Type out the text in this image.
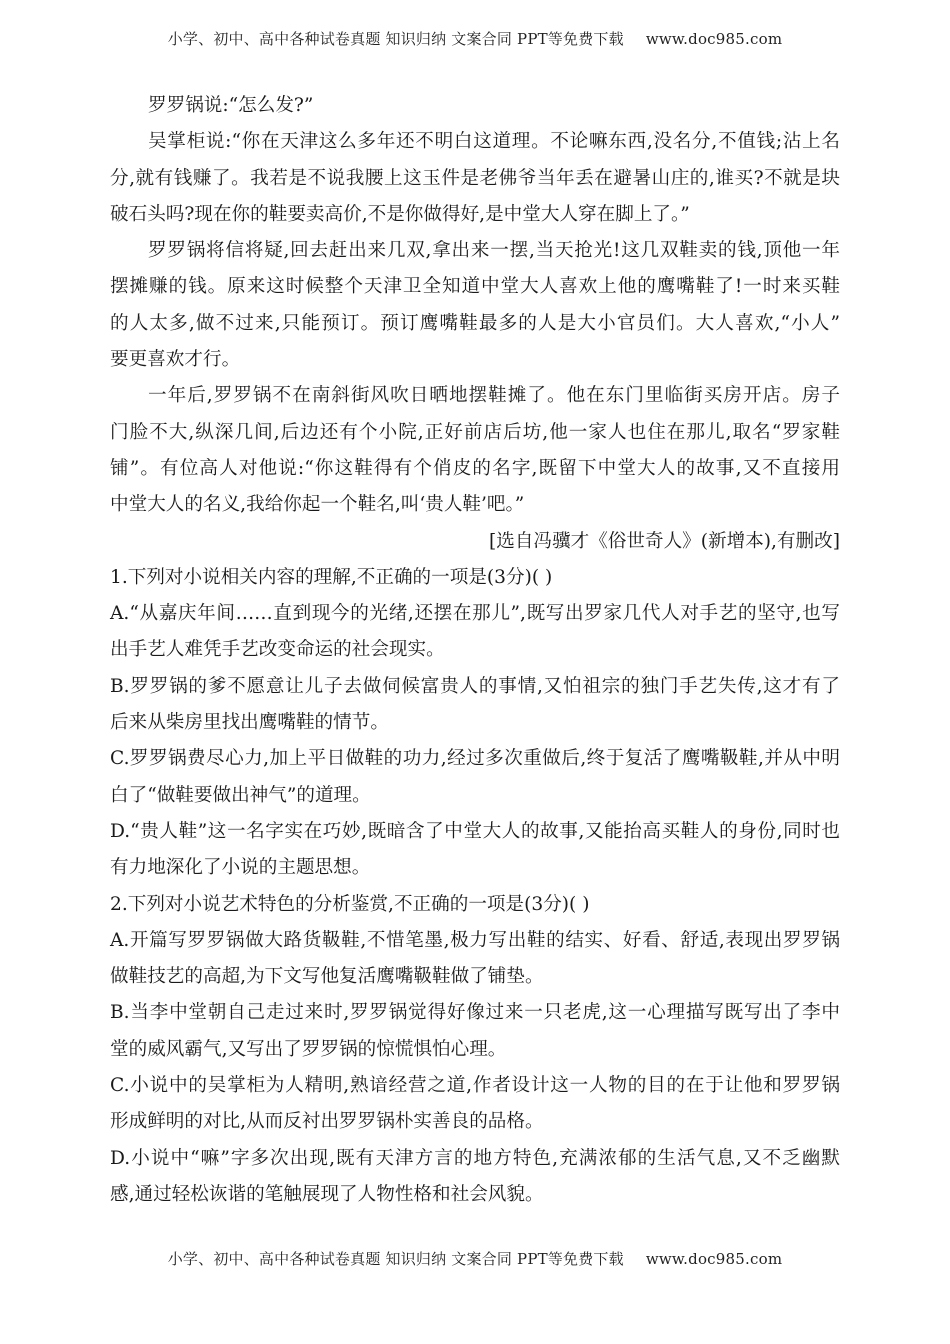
小学、初中、高中各种试卷真题 知识归纳 文案合同 PPT等免费下载 www.doc985.com
罗罗锅说:“怎么发?”
吴掌柜说:“你在天津这么多年还不明白这道理。不论嘛东西,没名分,不值钱;沾上名
分,就有钱赚了。我若是不说我腰上这玉件是老佛爷当年丢在避暑山庄的,谁买?不就是块
破石头吗?现在你的鞋要卖高价,不是你做得好,是中堂大人穿在脚上了。”
罗罗锅将信将疑,回去赶出来几双,拿出来一摆,当天抢光!这几双鞋卖的钱,顶他一年
摆摊赚的钱。原来这时候整个天津卫全知道中堂大人喜欢上他的鹰嘴鞋了!一时来买鞋
的人太多,做不过来,只能预订。预订鹰嘴鞋最多的人是大小官员们。大人喜欢,“小人”
要更喜欢才行。
一年后,罗罗锅不在南斜街风吹日晒地摆鞋摊了。他在东门里临街买房开店。房子
门脸不大,纵深几间,后边还有个小院,正好前店后坊,他一家人也住在那儿,取名“罗家鞋
铺”。有位高人对他说:“你这鞋得有个俏皮的名字,既留下中堂大人的故事,又不直接用
中堂大人的名义,我给你起一个鞋名,叫‘贵人鞋’吧。”
[选自冯骥才《俗世奇人》(新增本),有删改]
1.下列对小说相关内容的理解,不正确的一项是(3分)( )
A.“从嘉庆年间……直到现今的光绪,还摆在那儿”,既写出罗家几代人对手艺的坚守,也写
出手艺人难凭手艺改变命运的社会现实。
B.罗罗锅的爹不愿意让儿子去做伺候富贵人的事情,又怕祖宗的独门手艺失传,这才有了
后来从柴房里找出鹰嘴鞋的情节。
C.罗罗锅费尽心力,加上平日做鞋的功力,经过多次重做后,终于复活了鹰嘴靸鞋,并从中明
白了“做鞋要做出神气”的道理。
D.“贵人鞋”这一名字实在巧妙,既暗含了中堂大人的故事,又能抬高买鞋人的身份,同时也
有力地深化了小说的主题思想。
2.下列对小说艺术特色的分析鉴赏,不正确的一项是(3分)( )
A.开篇写罗罗锅做大路货靸鞋,不惜笔墨,极力写出鞋的结实、好看、舒适,表现出罗罗锅
做鞋技艺的高超,为下文写他复活鹰嘴靸鞋做了铺垫。
B.当李中堂朝自己走过来时,罗罗锅觉得好像过来一只老虎,这一心理描写既写出了李中
堂的威风霸气,又写出了罗罗锅的惊慌惧怕心理。
C.小说中的吴掌柜为人精明,熟谙经营之道,作者设计这一人物的目的在于让他和罗罗锅
形成鲜明的对比,从而反衬出罗罗锅朴实善良的品格。
D.小说中“嘛”字多次出现,既有天津方言的地方特色,充满浓郁的生活气息,又不乏幽默
感,通过轻松诙谐的笔触展现了人物性格和社会风貌。
小学、初中、高中各种试卷真题 知识归纳 文案合同 PPT等免费下载 www.doc985.com
